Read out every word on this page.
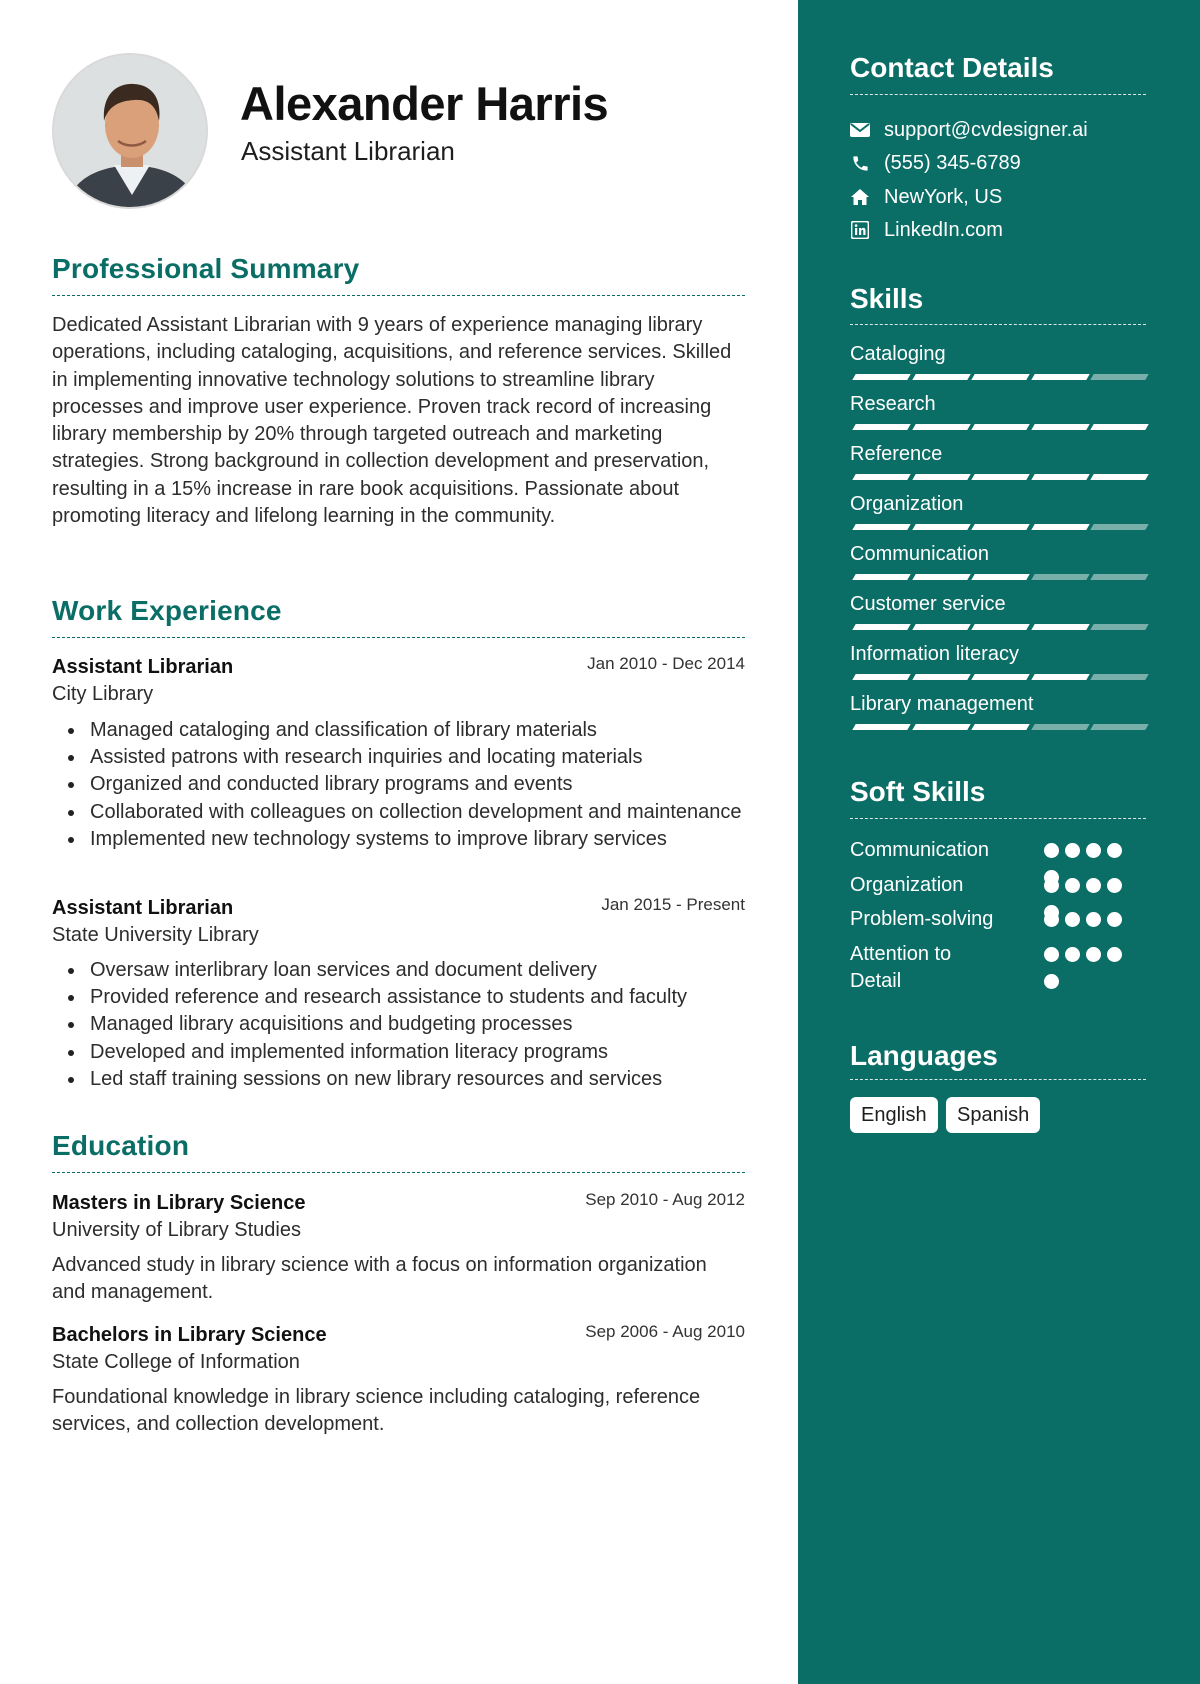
Alexander Harris
Assistant Librarian
Professional Summary

Dedicated Assistant Librarian with 9 years of experience managing library operations, including cataloging, acquisitions, and reference services. Skilled in implementing innovative technology solutions to streamline library processes and improve user experience. Proven track record of increasing library membership by 20% through targeted outreach and marketing strategies. Strong background in collection development and preservation, resulting in a 15% increase in rare book acquisitions. Passionate about promoting literacy and lifelong learning in the community.

Work Experience
Assistant Librarian	Jan 2010 - Dec 2014
City Library
Managed cataloging and classification of library materials
Assisted patrons with research inquiries and locating materials
Organized and conducted library programs and events
Collaborated with colleagues on collection development and maintenance
Implemented new technology systems to improve library services
Assistant Librarian	Jan 2015 - Present
State University Library
Oversaw interlibrary loan services and document delivery
Provided reference and research assistance to students and faculty
Managed library acquisitions and budgeting processes
Developed and implemented information literacy programs
Led staff training sessions on new library resources and services
Education
Masters in Library Science	Sep 2010 - Aug 2012
University of Library Studies

Advanced study in library science with a focus on information organization and management.

Bachelors in Library Science	Sep 2006 - Aug 2010
State College of Information

Foundational knowledge in library science including cataloging, reference services, and collection development.

Contact Details
support@cvdesigner.ai
(555) 345-6789
NewYork, US
LinkedIn.com
Skills
Cataloging
Research
Reference
Organization
Communication
Customer service
Information literacy
Library management
Soft Skills
Communication
Organization
Problem-solving
Attention to Detail
Languages
English	Spanish
